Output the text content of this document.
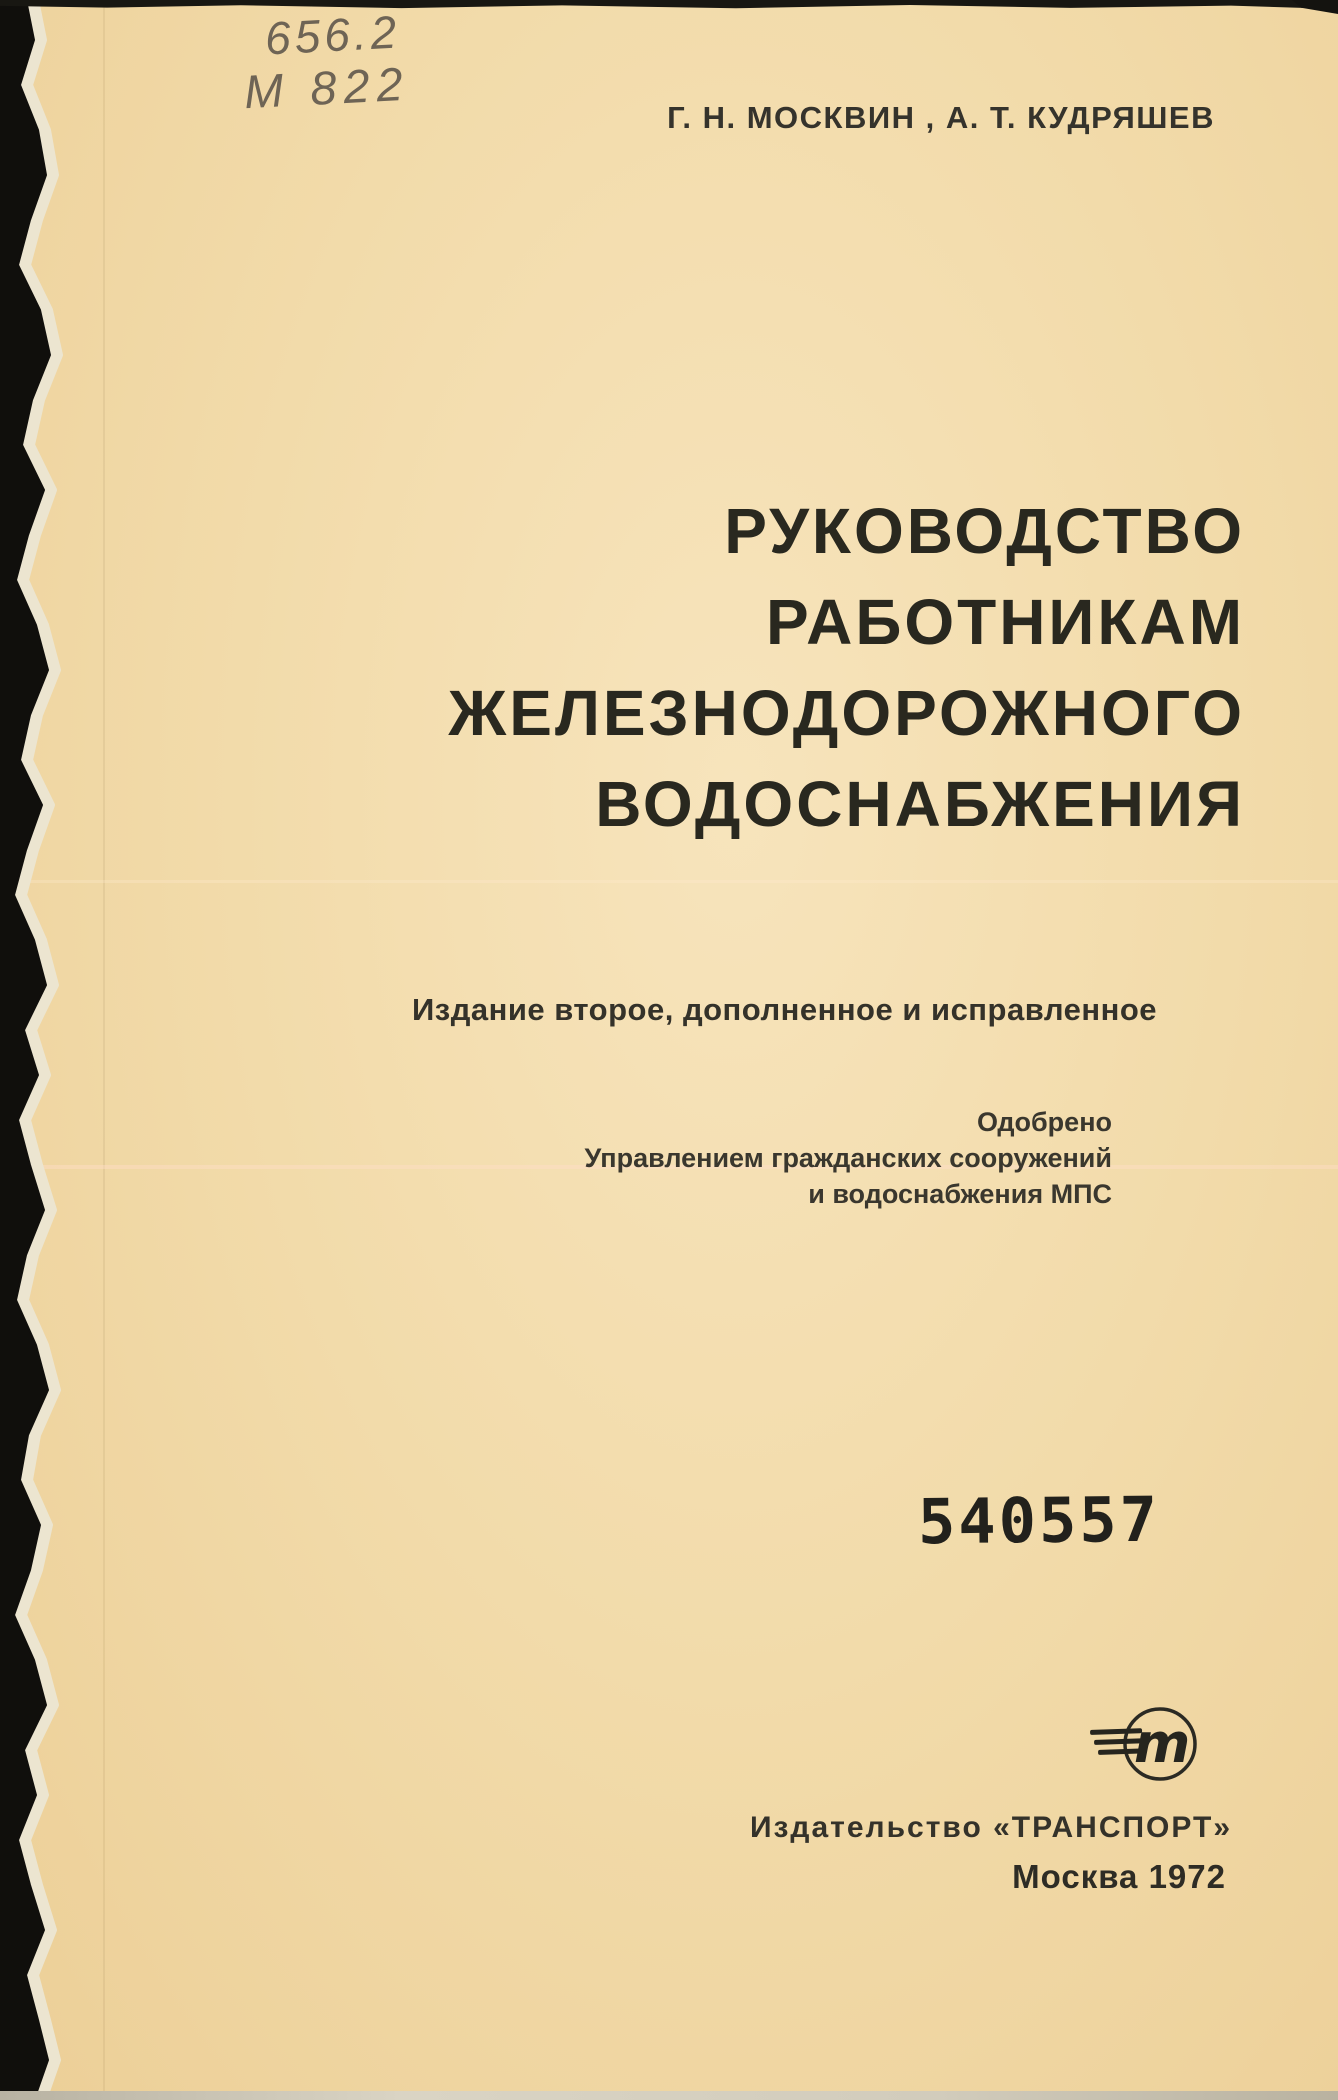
656.2
М 822	Г. Н. МОСКВИН , А. Т. КУДРЯШЕВ
РУКОВОДСТВО
РАБОТНИКАМ
ЖЕЛЕЗНОДОРОЖНОГО
ВОДОСНАБЖЕНИЯ
Издание второе, дополненное и исправленное
Одобрено
Управлением гражданских сооружений
и водоснабжения МПС
540557
m
Издательство «ТРАНСПОРТ»
Москва 1972
